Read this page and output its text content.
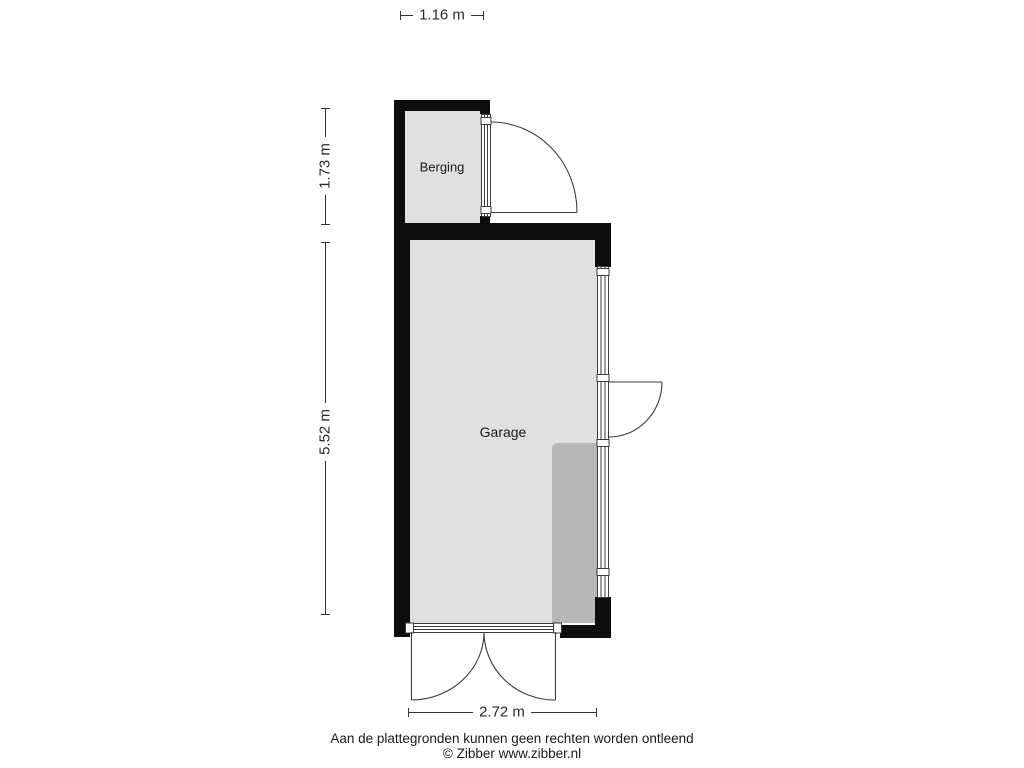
1.16 m
1.73 m
5.52 m
2.72 m
Berging
Garage
Aan de plattegronden kunnen geen rechten worden ontleend
© Zibber www.zibber.nl
